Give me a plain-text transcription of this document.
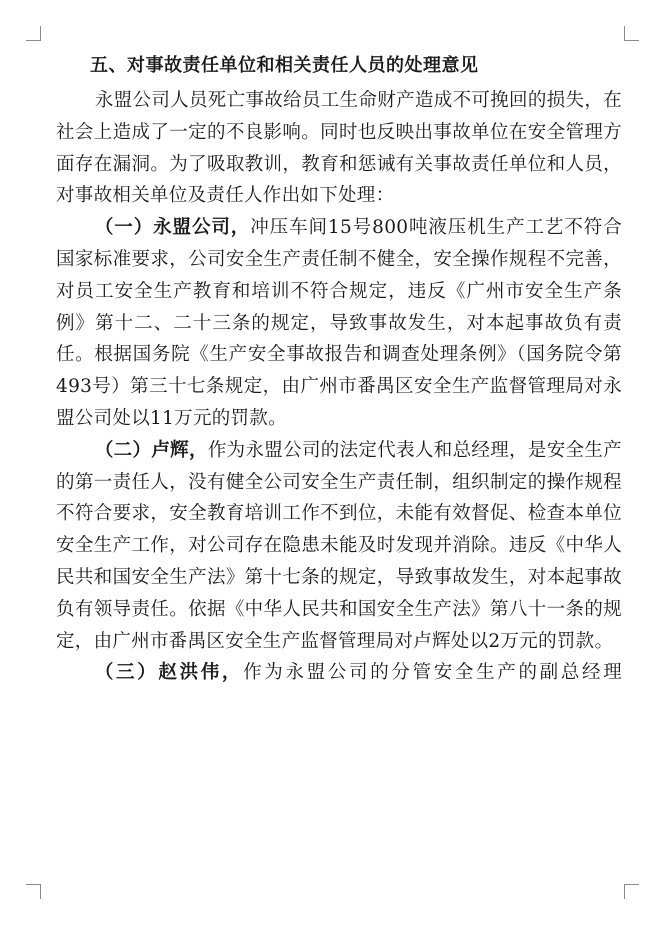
五、对事故责任单位和相关责任人员的处理意见

永盟公司人员死亡事故给员工生命财产造成不可挽回的损失，在社会上造成了一定的不良影响。同时也反映出事故单位在安全管理方面存在漏洞。为了吸取教训，教育和惩诫有关事故责任单位和人员，对事故相关单位及责任人作出如下处理：

（一）永盟公司，冲压车间15号800吨液压机生产工艺不符合国家标准要求，公司安全生产责任制不健全，安全操作规程不完善，对员工安全生产教育和培训不符合规定，违反《广州市安全生产条例》第十二、二十三条的规定，导致事故发生，对本起事故负有责任。根据国务院《生产安全事故报告和调查处理条例》（国务院令第493号）第三十七条规定，由广州市番禺区安全生产监督管理局对永盟公司处以11万元的罚款。

（二）卢辉，作为永盟公司的法定代表人和总经理，是安全生产的第一责任人，没有健全公司安全生产责任制，组织制定的操作规程不符合要求，安全教育培训工作不到位，未能有效督促、检查本单位安全生产工作，对公司存在隐患未能及时发现并消除。违反《中华人民共和国安全生产法》第十七条的规定，导致事故发生，对本起事故负有领导责任。依据《中华人民共和国安全生产法》第八十一条的规定，由广州市番禺区安全生产监督管理局对卢辉处以2万元的罚款。

（三）赵洪伟，作为永盟公司的分管安全生产的副总经理
